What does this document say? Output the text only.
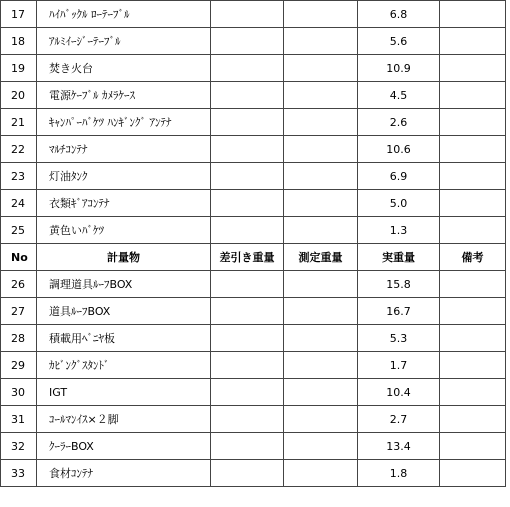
17	ﾊｲﾊﾞｯｸﾙ ﾛｰﾃｰﾌﾞﾙ			6.8	
18	ｱﾙﾐｲｰｼﾞｰﾃｰﾌﾞﾙ			5.6	
19	焚き火台			10.9	
20	電源ｹｰﾌﾞﾙ ｶﾒﾗｹｰｽ			4.5	
21	ｷｬﾝﾊﾟｰﾊﾞｹﾂ ﾊﾝｷﾞﾝｸﾞ ｱﾝﾃﾅ			2.6	
22	ﾏﾙﾁｺﾝﾃﾅ			10.6	
23	灯油ﾀﾝｸ			6.9	
24	衣類ｷﾞｱｺﾝﾃﾅ			5.0	
25	黄色いﾊﾞｹﾂ			1.3	
No	計量物	差引き重量	測定重量	実重量	備考
26	調理道具ﾙｰﾌBOX			15.8	
27	道具ﾙｰﾌBOX			16.7	
28	積載用ﾍﾞﾆﾔ板			5.3	
29	ｶﾋﾞﾝｸﾞｽﾀﾝﾄﾞ			1.7	
30	IGT			10.4	
31	ｺｰﾙﾏﾝｲｽ×２脚			2.7	
32	ｸｰﾗｰBOX			13.4	
33	食材ｺﾝﾃﾅ			1.8	
